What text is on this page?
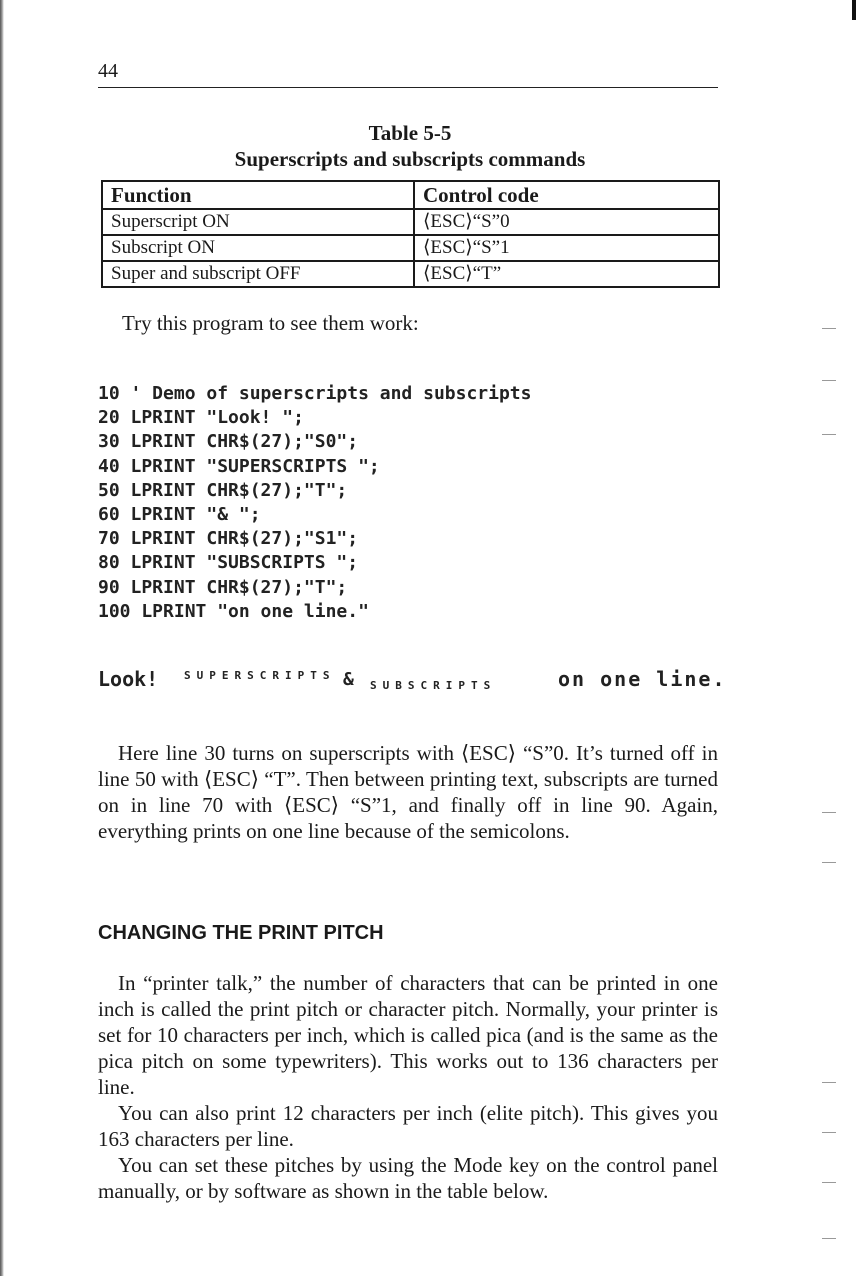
44
Table 5-5
Superscripts and subscripts commands
Function	Control code
Superscript ON	⟨ESC⟩“S”0
Subscript ON	⟨ESC⟩“S”1
Super and subscript OFF	⟨ESC⟩“T”
Try this program to see them work:
10 ' Demo of superscripts and subscripts
20 LPRINT "Look! ";
30 LPRINT CHR$(27);"S0";
40 LPRINT "SUPERSCRIPTS ";
50 LPRINT CHR$(27);"T";
60 LPRINT "& ";
70 LPRINT CHR$(27);"S1";
80 LPRINT "SUBSCRIPTS ";
90 LPRINT CHR$(27);"T";
100 LPRINT "on one line."
Look! SUPERSCRIPTS & SUBSCRIPTS	on one line.

Here line 30 turns on superscripts with ⟨ESC⟩ “S”0. It’s turned off in line 50 with ⟨ESC⟩ “T”. Then between printing text, subscripts are turned on in line 70 with ⟨ESC⟩ “S”1, and finally off in line 90. Again, everything prints on one line because of the semicolons.

CHANGING THE PRINT PITCH

In “printer talk,” the number of characters that can be printed in one inch is called the print pitch or character pitch. Normally, your printer is set for 10 characters per inch, which is called pica (and is the same as the pica pitch on some typewriters). This works out to 136 characters per line.

You can also print 12 characters per inch (elite pitch). This gives you 163 characters per line.

You can set these pitches by using the Mode key on the control panel manually, or by software as shown in the table below.
